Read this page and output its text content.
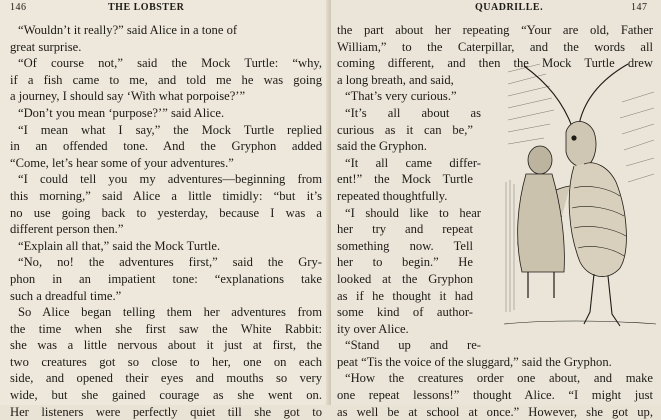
146	THE LOBSTER
“Wouldn’t it really?” said Alice in a tone of
great surprise.
“Of course not,” said the Mock Turtle: “why,
if a fish came to me, and told me he was going
a journey, I should say ‘With what porpoise?’”
“Don’t you mean ‘purpose?’” said Alice.
“I mean what I say,” the Mock Turtle replied
in an offended tone. And the Gryphon added
“Come, let’s hear some of your adventures.”
“I could tell you my adventures—beginning from
this morning,” said Alice a little timidly: “but it’s
no use going back to yesterday, because I was a
different person then.”
“Explain all that,” said the Mock Turtle.
“No, no! the adventures first,” said the Gry-
phon in an impatient tone: “explanations take
such a dreadful time.”
So Alice began telling them her adventures from
the time when she first saw the White Rabbit:
she was a little nervous about it just at first, the
two creatures got so close to her, one on each
side, and opened their eyes and mouths so very
wide, but she gained courage as she went on.
Her listeners were perfectly quiet till she got to
QUADRILLE.	147
the part about her repeating “Your are old, Father
William,” to the Caterpillar, and the words all
coming different, and then the Mock Turtle drew
a long breath, and said,
“That’s very curious.”
“It’s all about as
curious as it can be,”
said the Gryphon.
“It all came differ-
ent!” the Mock Turtle
repeated thoughtfully.
“I should like to hear
her try and repeat
something now. Tell
her to begin.” He
looked at the Gryphon
as if he thought it had
some kind of author-
ity over Alice.
“Stand up and re-
peat “Tis the voice of the sluggard,” said the Gryphon.
“How the creatures order one about, and make
one repeat lessons!” thought Alice. “I might just
as well be at school at once.” However, she got up,
